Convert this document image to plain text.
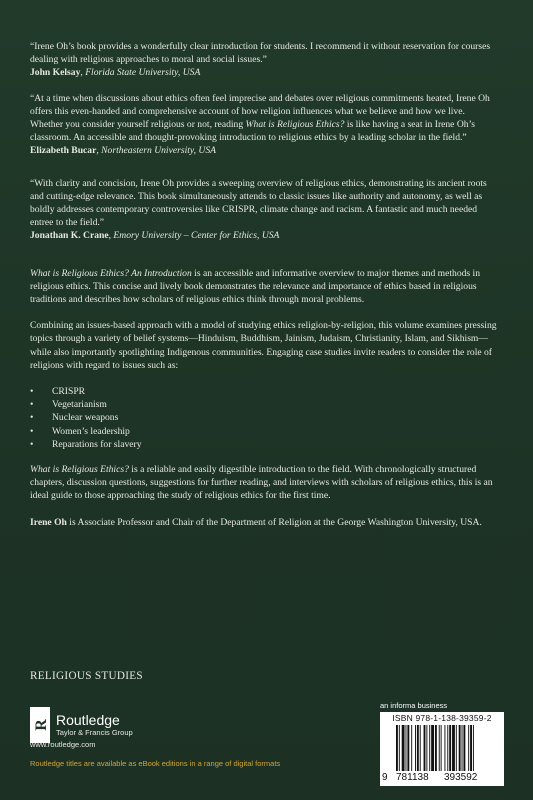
“Irene Oh’s book provides a wonderfully clear introduction for students. I recommend it without reservation for courses dealing with religious approaches to moral and social issues.”

John Kelsay, Florida State University, USA

“At a time when discussions about ethics often feel imprecise and debates over religious commitments heated, Irene Oh offers this even-handed and comprehensive account of how religion influences what we believe and how we live. Whether you consider yourself religious or not, reading What is Religious Ethics? is like having a seat in Irene Oh’s classroom. An accessible and thought-provoking introduction to religious ethics by a leading scholar in the field.”

Elizabeth Bucar, Northeastern University, USA

“With clarity and concision, Irene Oh provides a sweeping overview of religious ethics, demonstrating its ancient roots and cutting-edge relevance. This book simultaneously attends to classic issues like authority and autonomy, as well as boldly addresses contemporary controversies like CRISPR, climate change and racism. A fantastic and much needed entree to the field.”

Jonathan K. Crane, Emory University – Center for Ethics, USA

What is Religious Ethics? An Introduction is an accessible and informative overview to major themes and methods in religious ethics. This concise and lively book demonstrates the relevance and importance of ethics based in religious traditions and describes how scholars of religious ethics think through moral problems.

Combining an issues-based approach with a model of studying ethics religion-by-religion, this volume examines pressing topics through a variety of belief systems—Hinduism, Buddhism, Jainism, Judaism, Christianity, Islam, and Sikhism—while also importantly spotlighting Indigenous communities. Engaging case studies invite readers to consider the role of religions with regard to issues such as:

• CRISPR
• Vegetarianism
• Nuclear weapons
• Women’s leadership
• Reparations for slavery

What is Religious Ethics? is a reliable and easily digestible introduction to the field. With chronologically structured chapters, discussion questions, suggestions for further reading, and interviews with scholars of religious ethics, this is an ideal guide to those approaching the study of religious ethics for the first time.

Irene Oh is Associate Professor and Chair of the Department of Religion at the George Washington University, USA.

RELIGIOUS STUDIES
R Routledge
Taylor & Francis Group
www.routledge.com
Routledge titles are available as eBook editions in a range of digital formats
an informa business
ISBN 978-1-138-39359-2
9 781138 393592
